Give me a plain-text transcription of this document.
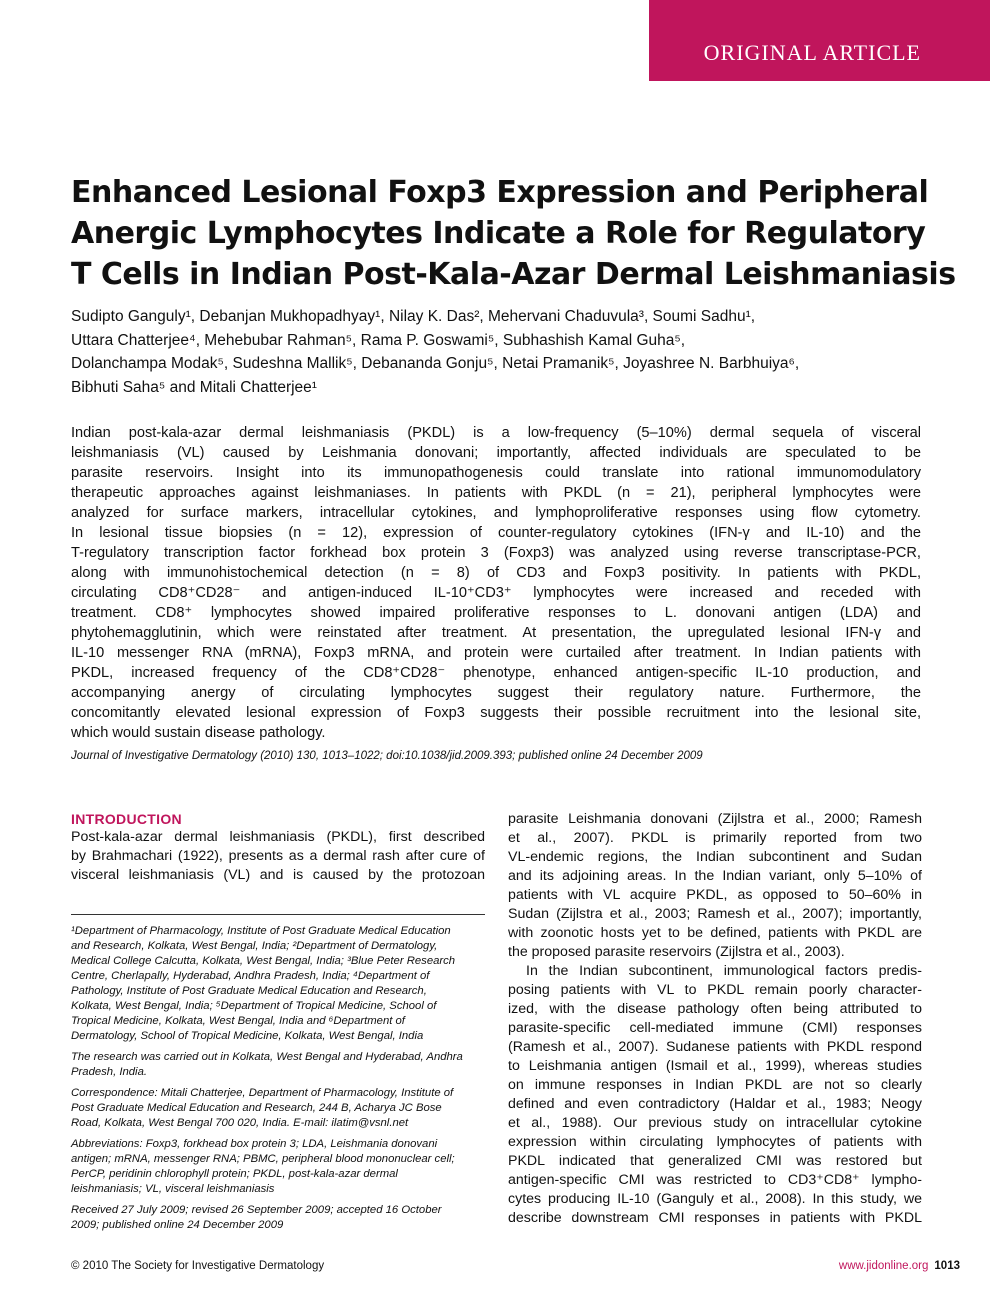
ORIGINAL ARTICLE
Enhanced Lesional Foxp3 Expression and Peripheral
Anergic Lymphocytes Indicate a Role for Regulatory
T Cells in Indian Post-Kala-Azar Dermal Leishmaniasis
Sudipto Ganguly¹, Debanjan Mukhopadhyay¹, Nilay K. Das², Mehervani Chaduvula³, Soumi Sadhu¹,
Uttara Chatterjee⁴, Mehebubar Rahman⁵, Rama P. Goswami⁵, Subhashish Kamal Guha⁵,
Dolanchampa Modak⁵, Sudeshna Mallik⁵, Debananda Gonju⁵, Netai Pramanik⁵, Joyashree N. Barbhuiya⁶,
Bibhuti Saha⁵ and Mitali Chatterjee¹
Indian post-kala-azar dermal leishmaniasis (PKDL) is a low-frequency (5–10%) dermal sequela of visceral
leishmaniasis (VL) caused by Leishmania donovani; importantly, affected individuals are speculated to be
parasite reservoirs. Insight into its immunopathogenesis could translate into rational immunomodulatory
therapeutic approaches against leishmaniases. In patients with PKDL (n = 21), peripheral lymphocytes were
analyzed for surface markers, intracellular cytokines, and lymphoproliferative responses using flow cytometry.
In lesional tissue biopsies (n = 12), expression of counter-regulatory cytokines (IFN-γ and IL-10) and the
T-regulatory transcription factor forkhead box protein 3 (Foxp3) was analyzed using reverse transcriptase-PCR,
along with immunohistochemical detection (n = 8) of CD3 and Foxp3 positivity. In patients with PKDL,
circulating CD8⁺CD28⁻ and antigen-induced IL-10⁺CD3⁺ lymphocytes were increased and receded with
treatment. CD8⁺ lymphocytes showed impaired proliferative responses to L. donovani antigen (LDA) and
phytohemagglutinin, which were reinstated after treatment. At presentation, the upregulated lesional IFN-γ and
IL-10 messenger RNA (mRNA), Foxp3 mRNA, and protein were curtailed after treatment. In Indian patients with
PKDL, increased frequency of the CD8⁺CD28⁻ phenotype, enhanced antigen-specific IL-10 production, and
accompanying anergy of circulating lymphocytes suggest their regulatory nature. Furthermore, the
concomitantly elevated lesional expression of Foxp3 suggests their possible recruitment into the lesional site,
which would sustain disease pathology.
Journal of Investigative Dermatology (2010) 130, 1013–1022; doi:10.1038/jid.2009.393; published online 24 December 2009
INTRODUCTION
Post-kala-azar dermal leishmaniasis (PKDL), first described
by Brahmachari (1922), presents as a dermal rash after cure of
visceral leishmaniasis (VL) and is caused by the protozoan
¹Department of Pharmacology, Institute of Post Graduate Medical Education
and Research, Kolkata, West Bengal, India; ²Department of Dermatology,
Medical College Calcutta, Kolkata, West Bengal, India; ³Blue Peter Research
Centre, Cherlapally, Hyderabad, Andhra Pradesh, India; ⁴Department of
Pathology, Institute of Post Graduate Medical Education and Research,
Kolkata, West Bengal, India; ⁵Department of Tropical Medicine, School of
Tropical Medicine, Kolkata, West Bengal, India and ⁶Department of
Dermatology, School of Tropical Medicine, Kolkata, West Bengal, India
The research was carried out in Kolkata, West Bengal and Hyderabad, Andhra
Pradesh, India.
Correspondence: Mitali Chatterjee, Department of Pharmacology, Institute of
Post Graduate Medical Education and Research, 244 B, Acharya JC Bose
Road, Kolkata, West Bengal 700 020, India. E-mail: ilatim@vsnl.net
Abbreviations: Foxp3, forkhead box protein 3; LDA, Leishmania donovani
antigen; mRNA, messenger RNA; PBMC, peripheral blood mononuclear cell;
PerCP, peridinin chlorophyll protein; PKDL, post-kala-azar dermal
leishmaniasis; VL, visceral leishmaniasis
Received 27 July 2009; revised 26 September 2009; accepted 16 October
2009; published online 24 December 2009
parasite Leishmania donovani (Zijlstra et al., 2000; Ramesh
et al., 2007). PKDL is primarily reported from two
VL-endemic regions, the Indian subcontinent and Sudan
and its adjoining areas. In the Indian variant, only 5–10% of
patients with VL acquire PKDL, as opposed to 50–60% in
Sudan (Zijlstra et al., 2003; Ramesh et al., 2007); importantly,
with zoonotic hosts yet to be defined, patients with PKDL are
the proposed parasite reservoirs (Zijlstra et al., 2003).
In the Indian subcontinent, immunological factors predis-
posing patients with VL to PKDL remain poorly character-
ized, with the disease pathology often being attributed to
parasite-specific cell-mediated immune (CMI) responses
(Ramesh et al., 2007). Sudanese patients with PKDL respond
to Leishmania antigen (Ismail et al., 1999), whereas studies
on immune responses in Indian PKDL are not so clearly
defined and even contradictory (Haldar et al., 1983; Neogy
et al., 1988). Our previous study on intracellular cytokine
expression within circulating lymphocytes of patients with
PKDL indicated that generalized CMI was restored but
antigen-specific CMI was restricted to CD3⁺CD8⁺ lympho-
cytes producing IL-10 (Ganguly et al., 2008). In this study, we
describe downstream CMI responses in patients with PKDL
© 2010 The Society for Investigative Dermatology	www.jidonline.org 1013
